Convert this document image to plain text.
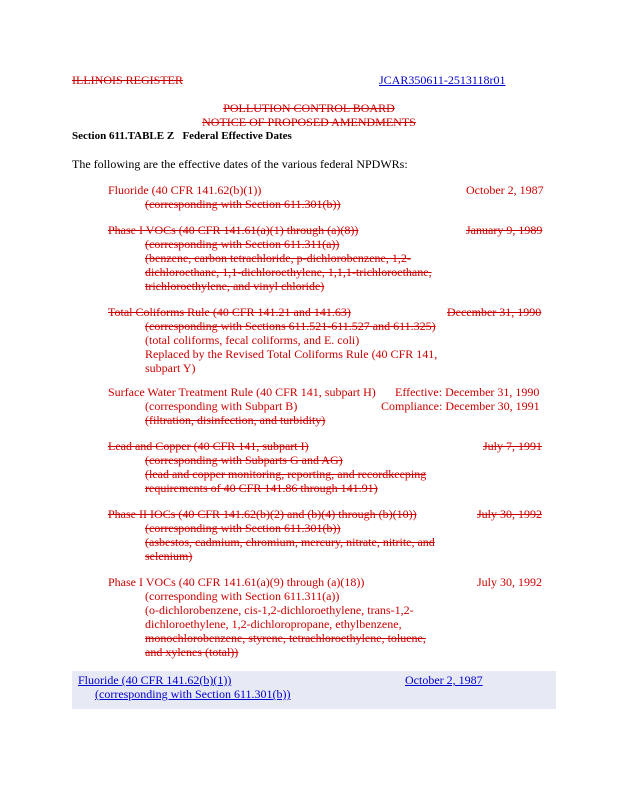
ILLINOIS REGISTER	JCAR350611-2513118r01
POLLUTION CONTROL BOARD
NOTICE OF PROPOSED AMENDMENTS
Section 611.TABLE Z Federal Effective Dates
The following are the effective dates of the various federal NPDWRs:
Fluoride (40 CFR 141.62(b)(1))	October 2, 1987
(corresponding with Section 611.301(b))
Phase I VOCs (40 CFR 141.61(a)(1) through (a)(8))	January 9, 1989
(corresponding with Section 611.311(a))
(benzene, carbon tetrachloride, p-dichlorobenzene, 1,2-
dichloroethane, 1,1-dichloroethylene, 1,1,1-trichloroethane,
trichloroethylene, and vinyl chloride)
Total Coliforms Rule (40 CFR 141.21 and 141.63)	December 31, 1990
(corresponding with Sections 611.521-611.527 and 611.325)
(total coliforms, fecal coliforms, and E. coli)
Replaced by the Revised Total Coliforms Rule (40 CFR 141,
subpart Y)
Surface Water Treatment Rule (40 CFR 141, subpart H) Effective: December 31, 1990
(corresponding with Subpart B)	Compliance: December 30, 1991
(filtration, disinfection, and turbidity)
Lead and Copper (40 CFR 141, subpart I)	July 7, 1991
(corresponding with Subparts G and AG)
(lead and copper monitoring, reporting, and recordkeeping
requirements of 40 CFR 141.86 through 141.91)
Phase II IOCs (40 CFR 141.62(b)(2) and (b)(4) through (b)(10))	July 30, 1992
(corresponding with Section 611.301(b))
(asbestos, cadmium, chromium, mercury, nitrate, nitrite, and
selenium)
Phase I VOCs (40 CFR 141.61(a)(9) through (a)(18))	July 30, 1992
(corresponding with Section 611.311(a))
(o-dichlorobenzene, cis-1,2-dichloroethylene, trans-1,2-
dichloroethylene, 1,2-dichloropropane, ethylbenzene,
monochlorobenzene, styrene, tetrachloroethylene, toluene,
and xylenes (total))
Fluoride (40 CFR 141.62(b)(1))	October 2, 1987
(corresponding with Section 611.301(b))
